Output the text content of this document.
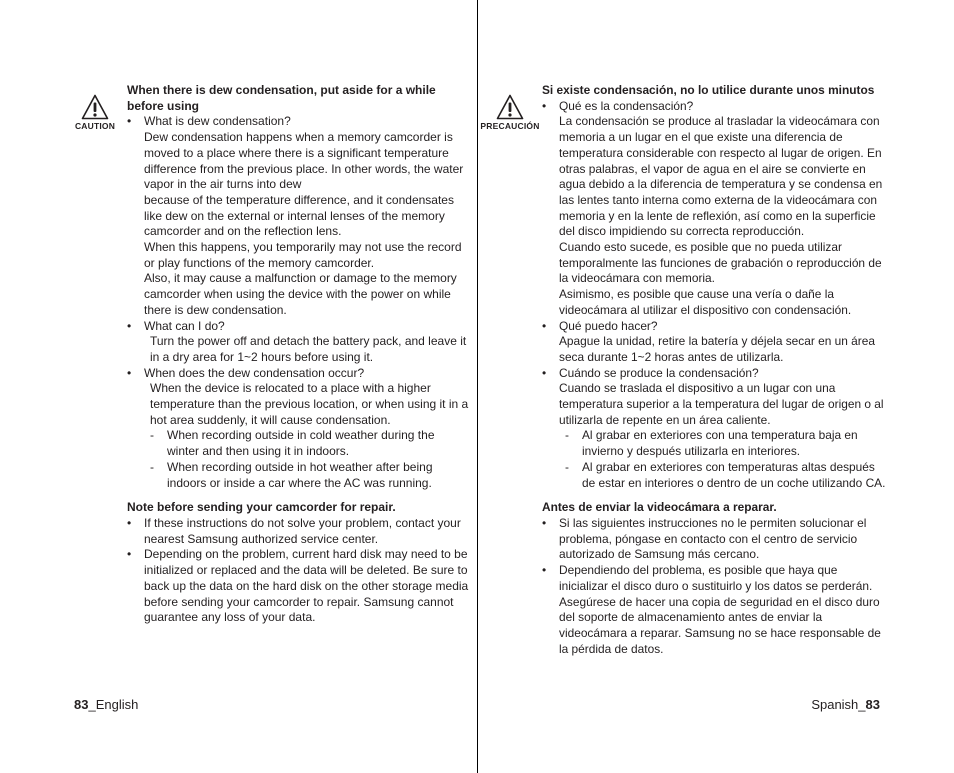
CAUTION

When there is dew condensation, put aside for a while before using

• What is dew condensation?
Dew condensation happens when a memory camcorder is moved to a place where there is a significant temperature difference from the previous place. In other words, the water vapor in the air turns into dew
because of the temperature difference, and it condensates like dew on the external or internal lenses of the memory camcorder and on the reflection lens.
When this happens, you temporarily may not use the record or play functions of the memory camcorder.
Also, it may cause a malfunction or damage to the memory camcorder when using the device with the power on while there is dew condensation.
• What can I do?
Turn the power off and detach the battery pack, and leave it in a dry area for 1~2 hours before using it.
• When does the dew condensation occur?
When the device is relocated to a place with a higher temperature than the previous location, or when using it in a hot area suddenly, it will cause condensation.
- When recording outside in cold weather during the winter and then using it in indoors.
- When recording outside in hot weather after being indoors or inside a car where the AC was running.

Note before sending your camcorder for repair.

• If these instructions do not solve your problem, contact your nearest Samsung authorized service center.
• Depending on the problem, current hard disk may need to be initialized or replaced and the data will be deleted. Be sure to back up the data on the hard disk on the other storage media before sending your camcorder to repair. Samsung cannot guarantee any loss of your data.
83_English
PRECAUCIÓN

Si existe condensación, no lo utilice durante unos minutos

• Qué es la condensación?
La condensación se produce al trasladar la videocámara con memoria a un lugar en el que existe una diferencia de temperatura considerable con respecto al lugar de origen. En otras palabras, el vapor de agua en el aire se convierte en agua debido a la diferencia de temperatura y se condensa en las lentes tanto interna como externa de la videocámara con memoria y en la lente de reflexión, así como en la superficie del disco impidiendo su correcta reproducción.
Cuando esto sucede, es posible que no pueda utilizar temporalmente las funciones de grabación o reproducción de la videocámara con memoria.
Asimismo, es posible que cause una vería o dañe la videocámara al utilizar el dispositivo con condensación.
• Qué puedo hacer?
Apague la unidad, retire la batería y déjela secar en un área seca durante 1~2 horas antes de utilizarla.
• Cuándo se produce la condensación?
Cuando se traslada el dispositivo a un lugar con una temperatura superior a la temperatura del lugar de origen o al utilizarla de repente en un área caliente.
- Al grabar en exteriores con una temperatura baja en invierno y después utilizarla en interiores.
- Al grabar en exteriores con temperaturas altas después de estar en interiores o dentro de un coche utilizando CA.

Antes de enviar la videocámara a reparar.

• Si las siguientes instrucciones no le permiten solucionar el problema, póngase en contacto con el centro de servicio autorizado de Samsung más cercano.
• Dependiendo del problema, es posible que haya que inicializar el disco duro o sustituirlo y los datos se perderán. Asegúrese de hacer una copia de seguridad en el disco duro del soporte de almacenamiento antes de enviar la videocámara a reparar. Samsung no se hace responsable de la pérdida de datos.
Spanish_83
